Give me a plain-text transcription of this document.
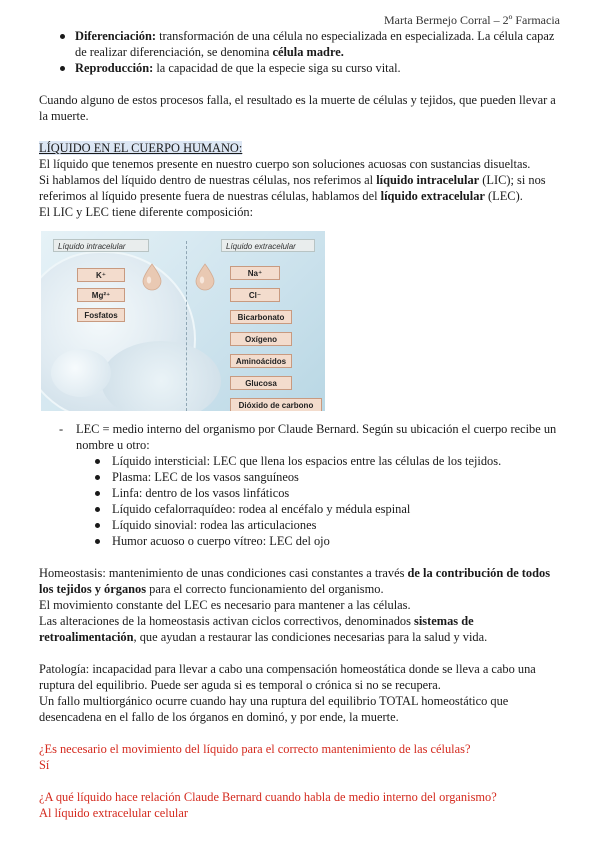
Marta Bermejo Corral – 2º Farmacia
Diferenciación: transformación de una célula no especializada en especializada. La célula capaz de realizar diferenciación, se denomina célula madre.
Reproducción: la capacidad de que la especie siga su curso vital.

Cuando alguno de estos procesos falla, el resultado es la muerte de células y tejidos, que pueden llevar a la muerte.

LÍQUIDO EN EL CUERPO HUMANO:

El líquido que tenemos presente en nuestro cuerpo son soluciones acuosas con sustancias disueltas.

Si hablamos del líquido dentro de nuestras células, nos referimos al líquido intracelular (LIC); si nos referimos al líquido presente fuera de nuestras células, hablamos del líquido extracelular (LEC).

El LIC y LEC tiene diferente composición:

Líquido intracelular	Líquido extracelular
K⁺
Mg²⁺
Fosfatos
Na⁺
Cl⁻
Bicarbonato
Oxígeno
Aminoácidos
Glucosa
Dióxido de carbono
- LEC = medio interno del organismo por Claude Bernard. Según su ubicación el cuerpo recibe un nombre u otro:
Líquido intersticial: LEC que llena los espacios entre las células de los tejidos.
Plasma: LEC de los vasos sanguíneos
Linfa: dentro de los vasos linfáticos
Líquido cefalorraquídeo: rodea al encéfalo y médula espinal
Líquido sinovial: rodea las articulaciones
Humor acuoso o cuerpo vítreo: LEC del ojo

Homeostasis: mantenimiento de unas condiciones casi constantes a través de la contribución de todos los tejidos y órganos para el correcto funcionamiento del organismo.

El movimiento constante del LEC es necesario para mantener a las células.

Las alteraciones de la homeostasis activan ciclos correctivos, denominados sistemas de retroalimentación, que ayudan a restaurar las condiciones necesarias para la salud y vida.

Patología: incapacidad para llevar a cabo una compensación homeostática donde se lleva a cabo una ruptura del equilibrio. Puede ser aguda si es temporal o crónica si no se recupera.

Un fallo multiorgánico ocurre cuando hay una ruptura del equilibrio TOTAL homeostático que desencadena en el fallo de los órganos en dominó, y por ende, la muerte.

¿Es necesario el movimiento del líquido para el correcto mantenimiento de las células?

Sí

¿A qué líquido hace relación Claude Bernard cuando habla de medio interno del organismo?

Al líquido extracelular celular
